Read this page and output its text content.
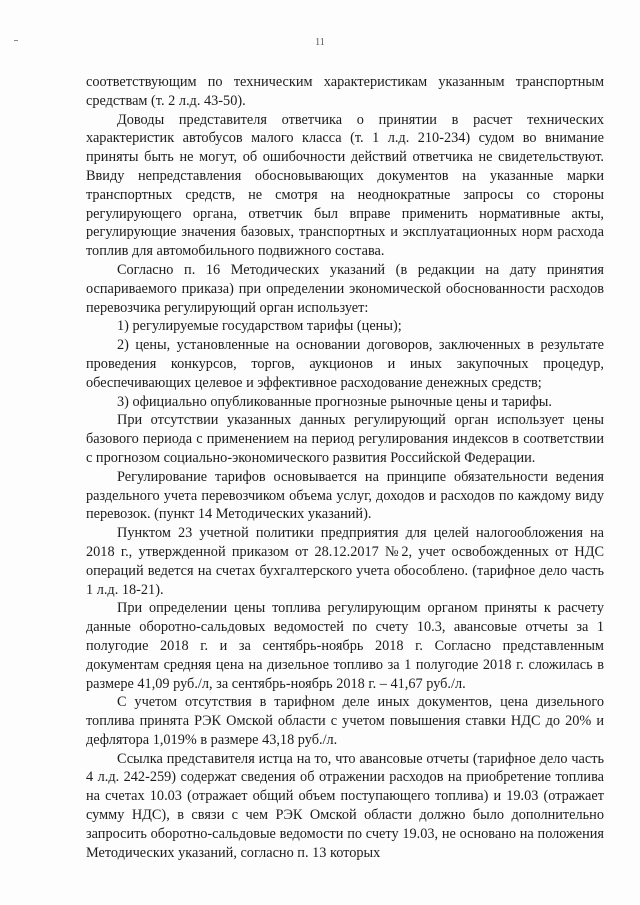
11

соответствующим по техническим характеристикам указанным транспортным средствам (т. 2 л.д. 43-50).

Доводы представителя ответчика о принятии в расчет технических характеристик автобусов малого класса (т. 1 л.д. 210-234) судом во внимание приняты быть не могут, об ошибочности действий ответчика не свидетельствуют. Ввиду непредставления обосновывающих документов на указанные марки транспортных средств, не смотря на неоднократные запросы со стороны регулирующего органа, ответчик был вправе применить нормативные акты, регулирующие значения базовых, транспортных и эксплуатационных норм расхода топлив для автомобильного подвижного состава.

Согласно п. 16 Методических указаний (в редакции на дату принятия оспариваемого приказа) при определении экономической обоснованности расходов перевозчика регулирующий орган использует:

1) регулируемые государством тарифы (цены);

2) цены, установленные на основании договоров, заключенных в результате проведения конкурсов, торгов, аукционов и иных закупочных процедур, обеспечивающих целевое и эффективное расходование денежных средств;

3) официально опубликованные прогнозные рыночные цены и тарифы.

При отсутствии указанных данных регулирующий орган использует цены базового периода с применением на период регулирования индексов в соответствии с прогнозом социально-экономического развития Российской Федерации.

Регулирование тарифов основывается на принципе обязательности ведения раздельного учета перевозчиком объема услуг, доходов и расходов по каждому виду перевозок. (пункт 14 Методических указаний).

Пунктом 23 учетной политики предприятия для целей налогообложения на 2018 г., утвержденной приказом от 28.12.2017 №2, учет освобожденных от НДС операций ведется на счетах бухгалтерского учета обособлено. (тарифное дело часть 1 л.д. 18-21).

При определении цены топлива регулирующим органом приняты к расчету данные оборотно-сальдовых ведомостей по счету 10.3, авансовые отчеты за 1 полугодие 2018 г. и за сентябрь-ноябрь 2018 г. Согласно представленным документам средняя цена на дизельное топливо за 1 полугодие 2018 г. сложилась в размере 41,09 руб./л, за сентябрь-ноябрь 2018 г. – 41,67 руб./л.

С учетом отсутствия в тарифном деле иных документов, цена дизельного топлива принята РЭК Омской области с учетом повышения ставки НДС до 20% и дефлятора 1,019% в размере 43,18 руб./л.

Ссылка представителя истца на то, что авансовые отчеты (тарифное дело часть 4 л.д. 242-259) содержат сведения об отражении расходов на приобретение топлива на счетах 10.03 (отражает общий объем поступающего топлива) и 19.03 (отражает сумму НДС), в связи с чем РЭК Омской области должно было дополнительно запросить оборотно-сальдовые ведомости по счету 19.03, не основано на положения Методических указаний, согласно п. 13 которых
